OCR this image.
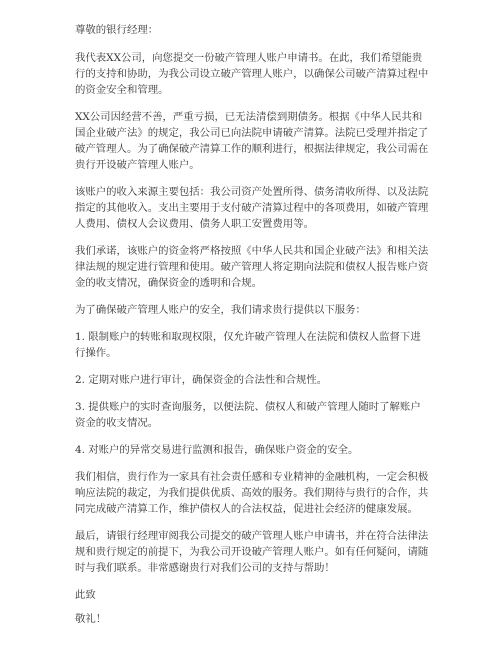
尊敬的银行经理：

我代表XX公司，向您提交一份破产管理人账户申请书。在此，我们希望能贵行的支持和协助，为我公司设立破产管理人账户，以确保公司破产清算过程中的资金安全和管理。

XX公司因经营不善，严重亏损，已无法清偿到期债务。根据《中华人民共和国企业破产法》的规定，我公司已向法院申请破产清算。法院已受理并指定了破产管理人。为了确保破产清算工作的顺利进行，根据法律规定，我公司需在贵行开设破产管理人账户。

该账户的收入来源主要包括：我公司资产处置所得、债务清收所得、以及法院指定的其他收入。支出主要用于支付破产清算过程中的各项费用，如破产管理人费用、债权人会议费用、债务人职工安置费用等。

我们承诺，该账户的资金将严格按照《中华人民共和国企业破产法》和相关法律法规的规定进行管理和使用。破产管理人将定期向法院和债权人报告账户资金的收支情况，确保资金的透明和合规。

为了确保破产管理人账户的安全，我们请求贵行提供以下服务：

1. 限制账户的转账和取现权限，仅允许破产管理人在法院和债权人监督下进行操作。

2. 定期对账户进行审计，确保资金的合法性和合规性。

3. 提供账户的实时查询服务，以便法院、债权人和破产管理人随时了解账户资金的收支情况。

4. 对账户的异常交易进行监测和报告，确保账户资金的安全。

我们相信，贵行作为一家具有社会责任感和专业精神的金融机构，一定会积极响应法院的裁定，为我们提供优质、高效的服务。我们期待与贵行的合作，共同完成破产清算工作，维护债权人的合法权益，促进社会经济的健康发展。

最后，请银行经理审阅我公司提交的破产管理人账户申请书，并在符合法律法规和贵行规定的前提下，为我公司开设破产管理人账户。如有任何疑问，请随时与我们联系。非常感谢贵行对我们公司的支持与帮助！

此致

敬礼！
